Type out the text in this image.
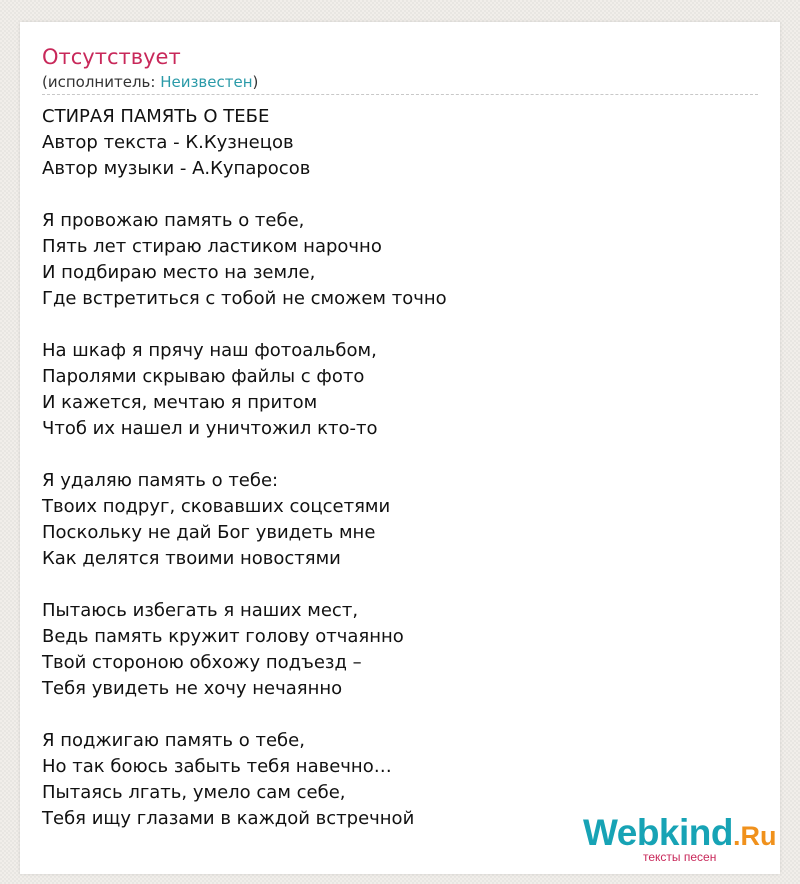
Отсутствует
(исполнитель: Неизвестен)
СТИРАЯ ПАМЯТЬ О ТЕБЕ
Автор текста - К.Кузнецов
Автор музыки - А.Купаросов
Я провожаю память о тебе,
Пять лет стираю ластиком нарочно
И подбираю место на земле,
Где встретиться с тобой не сможем точно
На шкаф я прячу наш фотоальбом,
Паролями скрываю файлы с фото
И кажется, мечтаю я притом
Чтоб их нашел и уничтожил кто-то
Я удаляю память о тебе:
Твоих подруг, сковавших соцсетями
Поскольку не дай Бог увидеть мне
Как делятся твоими новостями
Пытаюсь избегать я наших мест,
Ведь память кружит голову отчаянно
Твой стороною обхожу подъезд –
Тебя увидеть не хочу нечаянно
Я поджигаю память о тебе,
Но так боюсь забыть тебя навечно…
Пытаясь лгать, умело сам себе,
Тебя ищу глазами в каждой встречной	Webkind.Ru
тексты песен
